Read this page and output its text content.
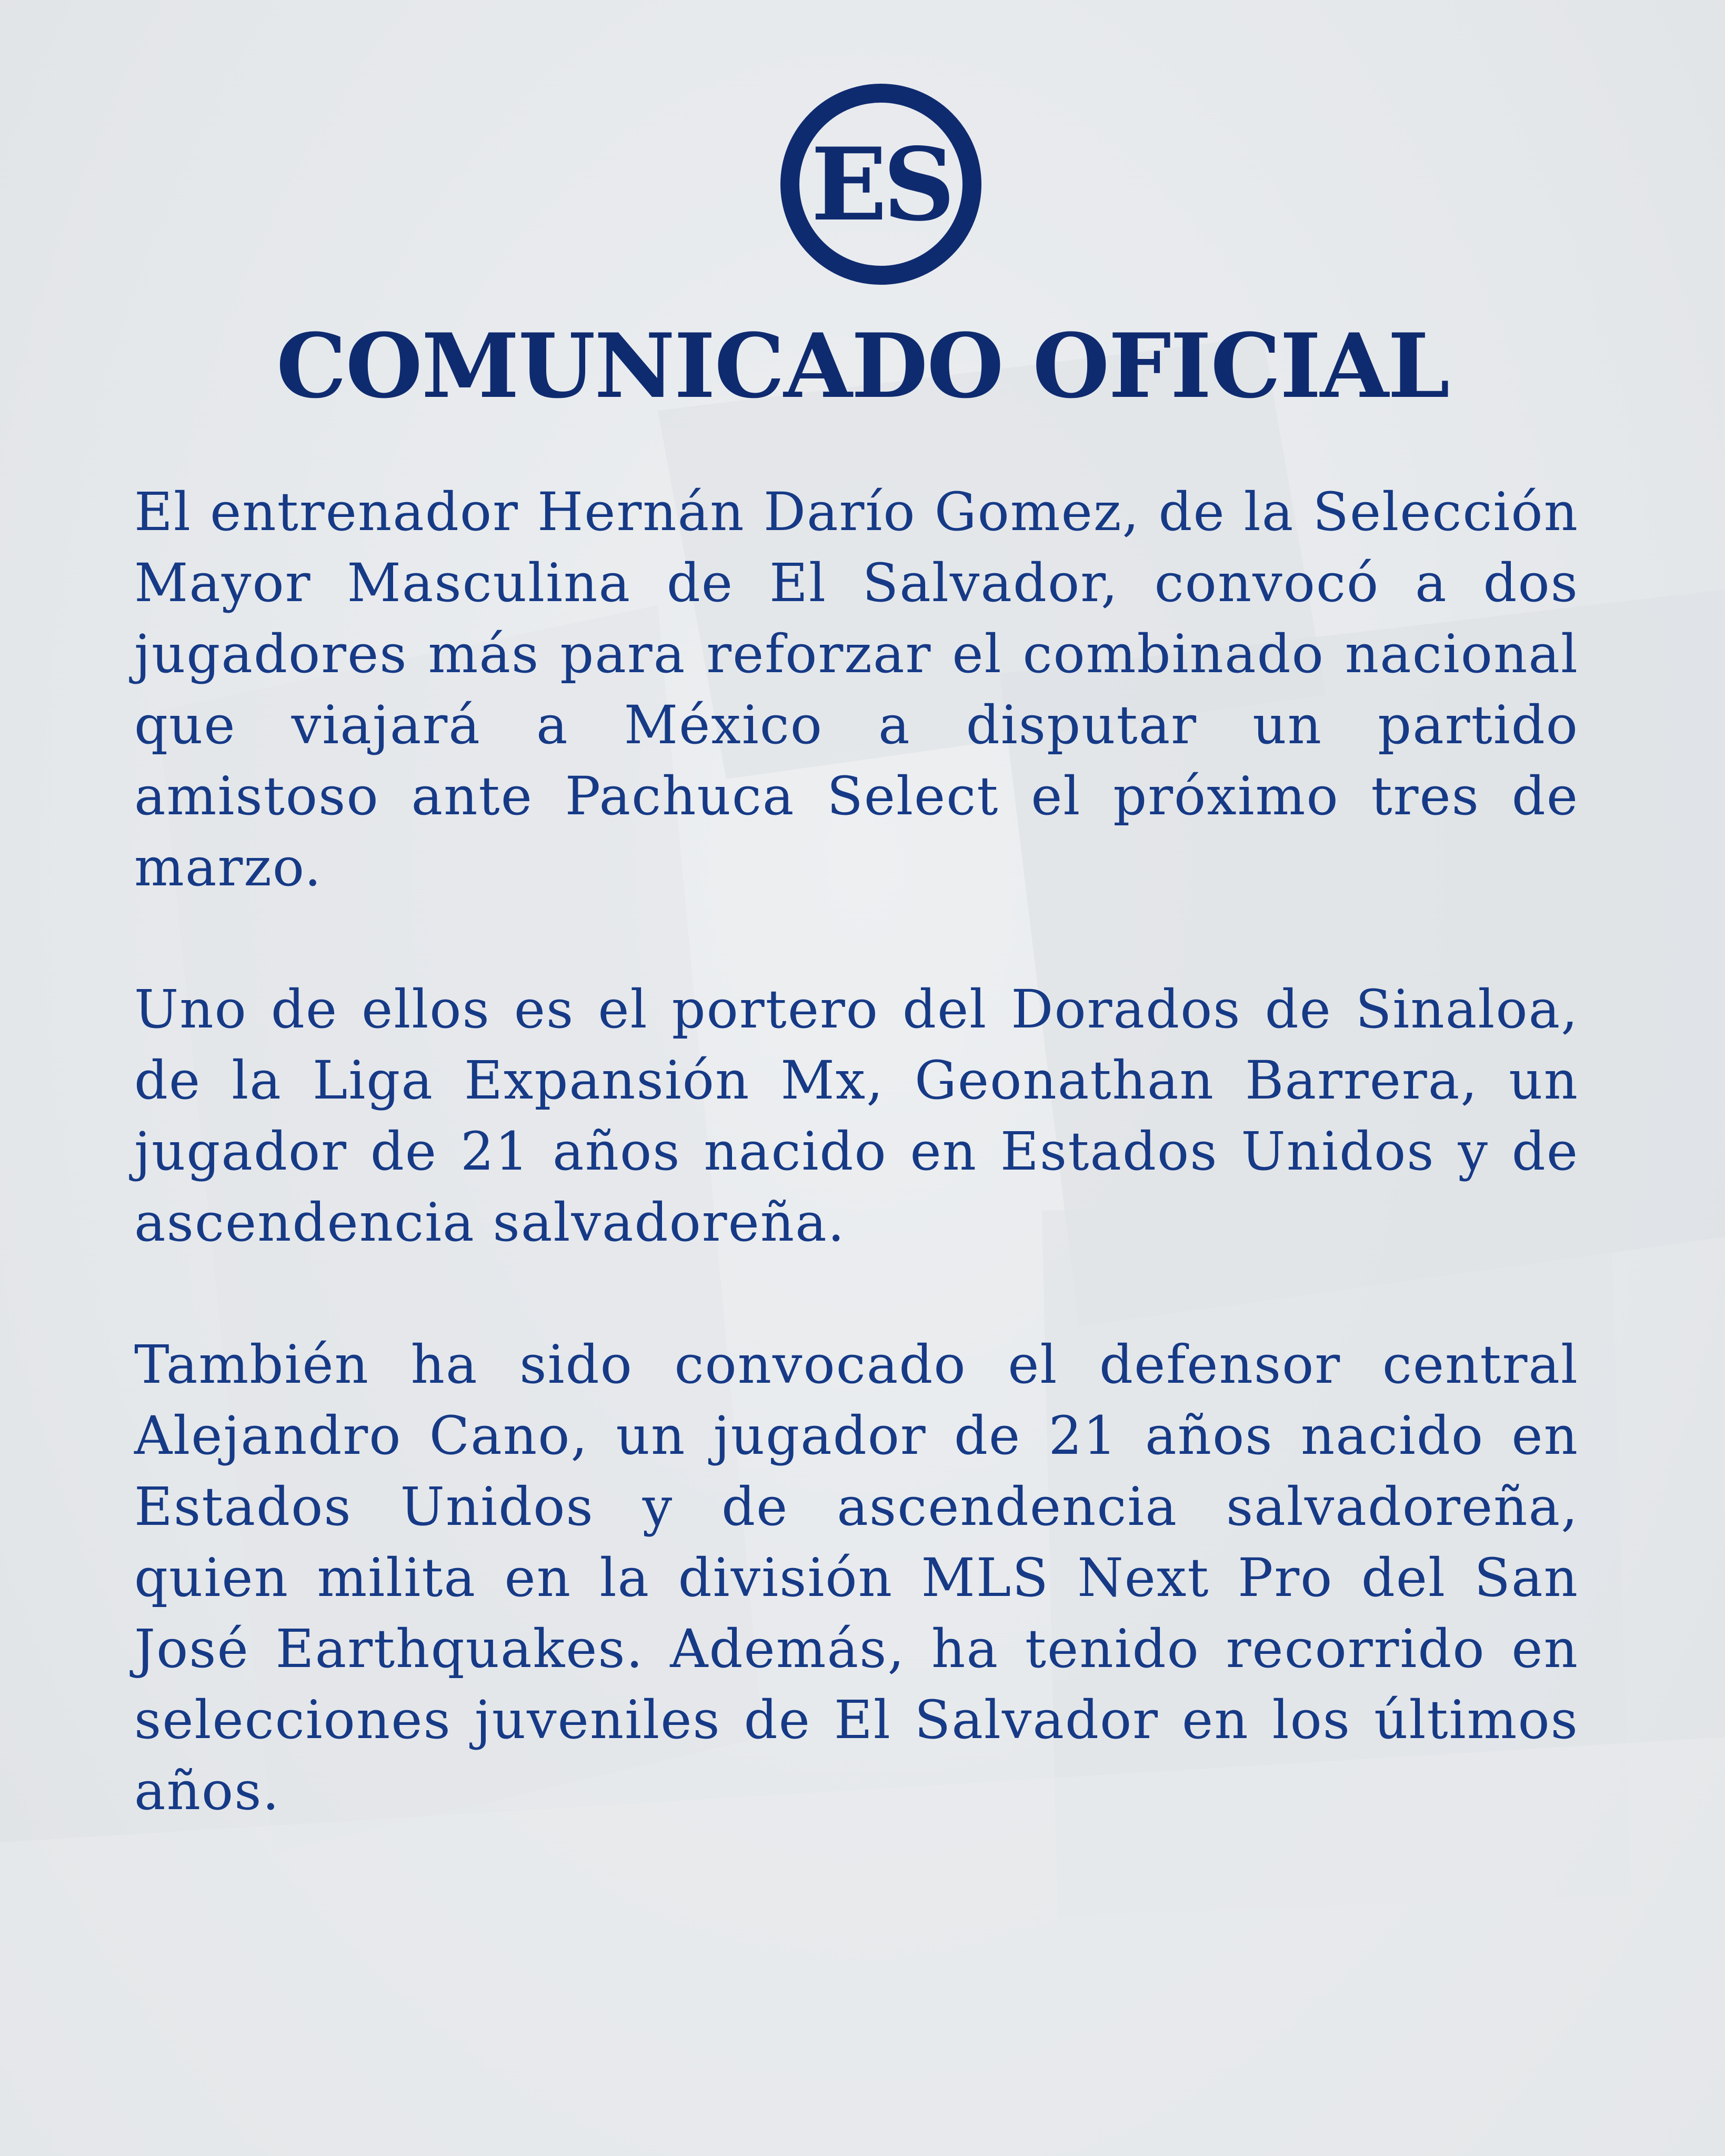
ES
COMUNICADO OFICIAL

El entrenador Hernán Darío Gomez, de la Selección Mayor Masculina de El Salvador, convocó a dos jugadores más para reforzar el combinado nacional que viajará a México a disputar un partido amistoso ante Pachuca Select el próximo tres de marzo.

Uno de ellos es el portero del Dorados de Sinaloa, de la Liga Expansión Mx, Geonathan Barrera, un jugador de 21 años nacido en Estados Unidos y de ascendencia salvadoreña.

También ha sido convocado el defensor central Alejandro Cano, un jugador de 21 años nacido en Estados Unidos y de ascendencia salvadoreña, quien milita en la división MLS Next Pro del San José Earthquakes. Además, ha tenido recorrido en selecciones juveniles de El Salvador en los últimos años.
